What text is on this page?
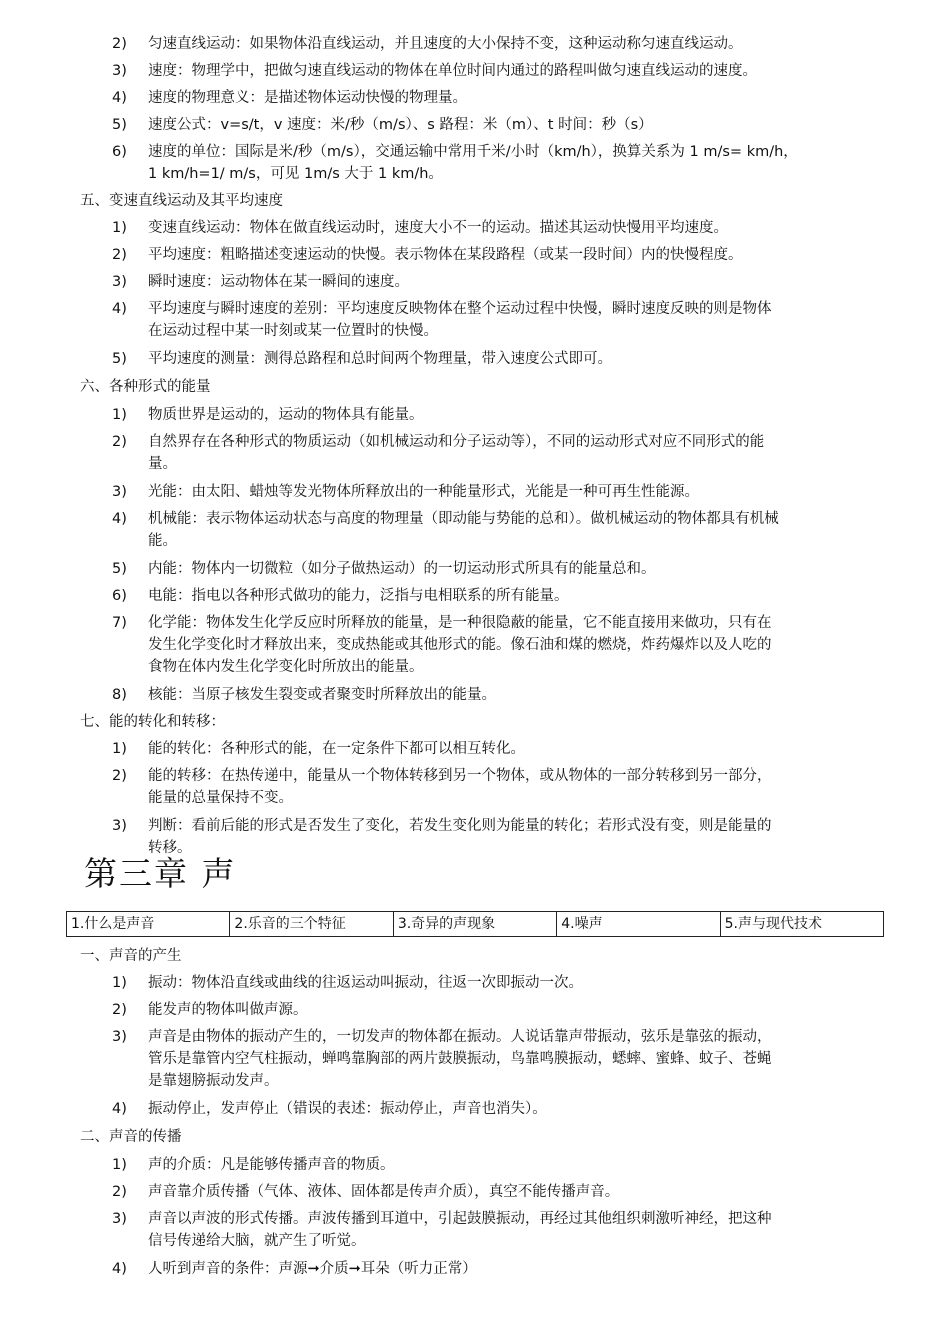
2)	匀速直线运动：如果物体沿直线运动，并且速度的大小保持不变，这种运动称匀速直线运动。
3)	速度：物理学中，把做匀速直线运动的物体在单位时间内通过的路程叫做匀速直线运动的速度。
4)	速度的物理意义：是描述物体运动快慢的物理量。
5)	速度公式：v=s/t，v 速度：米/秒（m/s）、s 路程：米（m）、t 时间：秒（s）
6)	速度的单位：国际是米/秒（m/s），交通运输中常用千米/小时（km/h），换算关系为 1 m/s= km/h，
1 km/h=1/ m/s，可见 1m/s 大于 1 km/h。
五、变速直线运动及其平均速度
1)	变速直线运动：物体在做直线运动时，速度大小不一的运动。描述其运动快慢用平均速度。
2)	平均速度：粗略描述变速运动的快慢。表示物体在某段路程（或某一段时间）内的快慢程度。
3)	瞬时速度：运动物体在某一瞬间的速度。
4)	平均速度与瞬时速度的差别：平均速度反映物体在整个运动过程中快慢，瞬时速度反映的则是物体
在运动过程中某一时刻或某一位置时的快慢。
5)	平均速度的测量：测得总路程和总时间两个物理量，带入速度公式即可。
六、各种形式的能量
1)	物质世界是运动的，运动的物体具有能量。
2)	自然界存在各种形式的物质运动（如机械运动和分子运动等），不同的运动形式对应不同形式的能
量。
3)	光能：由太阳、蜡烛等发光物体所释放出的一种能量形式，光能是一种可再生性能源。
4)	机械能：表示物体运动状态与高度的物理量（即动能与势能的总和）。做机械运动的物体都具有机械
能。
5)	内能：物体内一切微粒（如分子做热运动）的一切运动形式所具有的能量总和。
6)	电能：指电以各种形式做功的能力，泛指与电相联系的所有能量。
7)	化学能：物体发生化学反应时所释放的能量，是一种很隐蔽的能量，它不能直接用来做功，只有在
发生化学变化时才释放出来，变成热能或其他形式的能。像石油和煤的燃烧，炸药爆炸以及人吃的
食物在体内发生化学变化时所放出的能量。
8)	核能：当原子核发生裂变或者聚变时所释放出的能量。
七、能的转化和转移：
1)	能的转化：各种形式的能，在一定条件下都可以相互转化。
2)	能的转移：在热传递中，能量从一个物体转移到另一个物体，或从物体的一部分转移到另一部分，
能量的总量保持不变。
3)	判断：看前后能的形式是否发生了变化，若发生变化则为能量的转化；若形式没有变，则是能量的
转移。
第三章 声
1.什么是声音	2.乐音的三个特征	3.奇异的声现象	4.噪声	5.声与现代技术
一、声音的产生
1)	振动：物体沿直线或曲线的往返运动叫振动，往返一次即振动一次。
2)	能发声的物体叫做声源。
3)	声音是由物体的振动产生的，一切发声的物体都在振动。人说话靠声带振动，弦乐是靠弦的振动，
管乐是靠管内空气柱振动，蝉鸣靠胸部的两片鼓膜振动，鸟靠鸣膜振动，蟋蟀、蜜蜂、蚊子、苍蝇
是靠翅膀振动发声。
4)	振动停止，发声停止（错误的表述：振动停止，声音也消失）。
二、声音的传播
1)	声的介质：凡是能够传播声音的物质。
2)	声音靠介质传播（气体、液体、固体都是传声介质），真空不能传播声音。
3)	声音以声波的形式传播。声波传播到耳道中，引起鼓膜振动，再经过其他组织刺激听神经，把这种
信号传递给大脑，就产生了听觉。
4)	人听到声音的条件：声源➞介质➞耳朵（听力正常）
